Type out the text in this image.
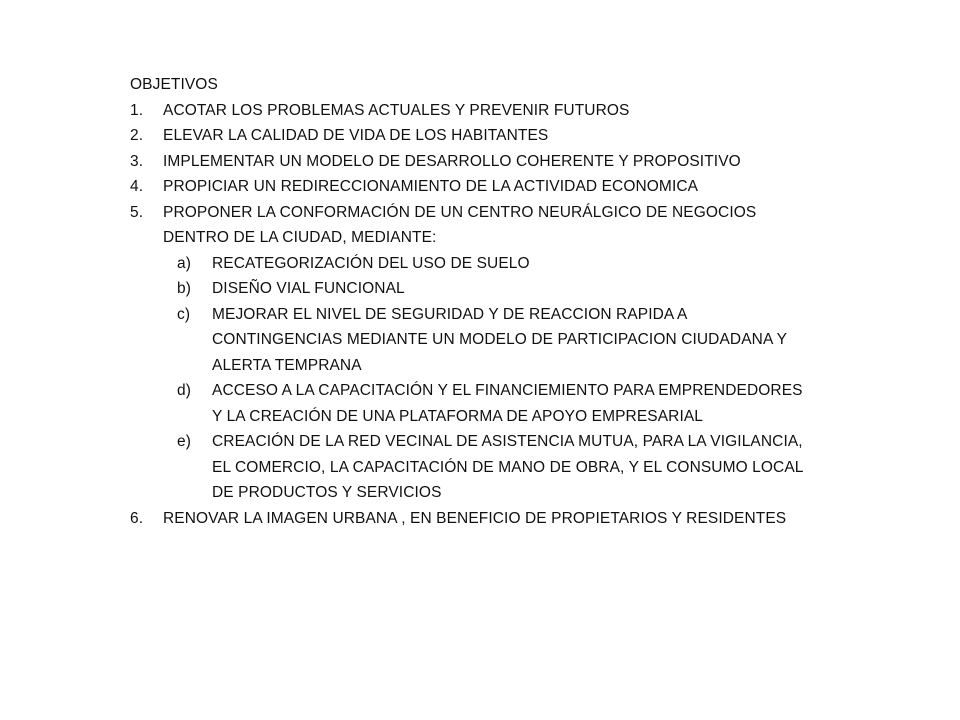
OBJETIVOS

1. ACOTAR LOS PROBLEMAS ACTUALES Y PREVENIR FUTUROS
2. ELEVAR LA CALIDAD DE VIDA DE LOS HABITANTES
3. IMPLEMENTAR UN MODELO DE DESARROLLO COHERENTE Y PROPOSITIVO
4. PROPICIAR UN REDIRECCIONAMIENTO DE LA ACTIVIDAD ECONOMICA
5. PROPONER LA CONFORMACIÓN DE UN CENTRO NEURÁLGICO DE NEGOCIOS DENTRO DE LA CIUDAD, MEDIANTE:
a) RECATEGORIZACIÓN DEL USO DE SUELO
b) DISEÑO VIAL FUNCIONAL
c) MEJORAR EL NIVEL DE SEGURIDAD Y DE REACCION RAPIDA A CONTINGENCIAS MEDIANTE UN MODELO DE PARTICIPACION CIUDADANA Y ALERTA TEMPRANA
d) ACCESO A LA CAPACITACIÓN Y EL FINANCIEMIENTO PARA EMPRENDEDORES Y LA CREACIÓN DE UNA PLATAFORMA DE APOYO EMPRESARIAL
e) CREACIÓN DE LA RED VECINAL DE ASISTENCIA MUTUA, PARA LA VIGILANCIA, EL COMERCIO, LA CAPACITACIÓN DE MANO DE OBRA, Y EL CONSUMO LOCAL DE PRODUCTOS Y SERVICIOS
6. RENOVAR LA IMAGEN URBANA , EN BENEFICIO DE PROPIETARIOS Y RESIDENTES
